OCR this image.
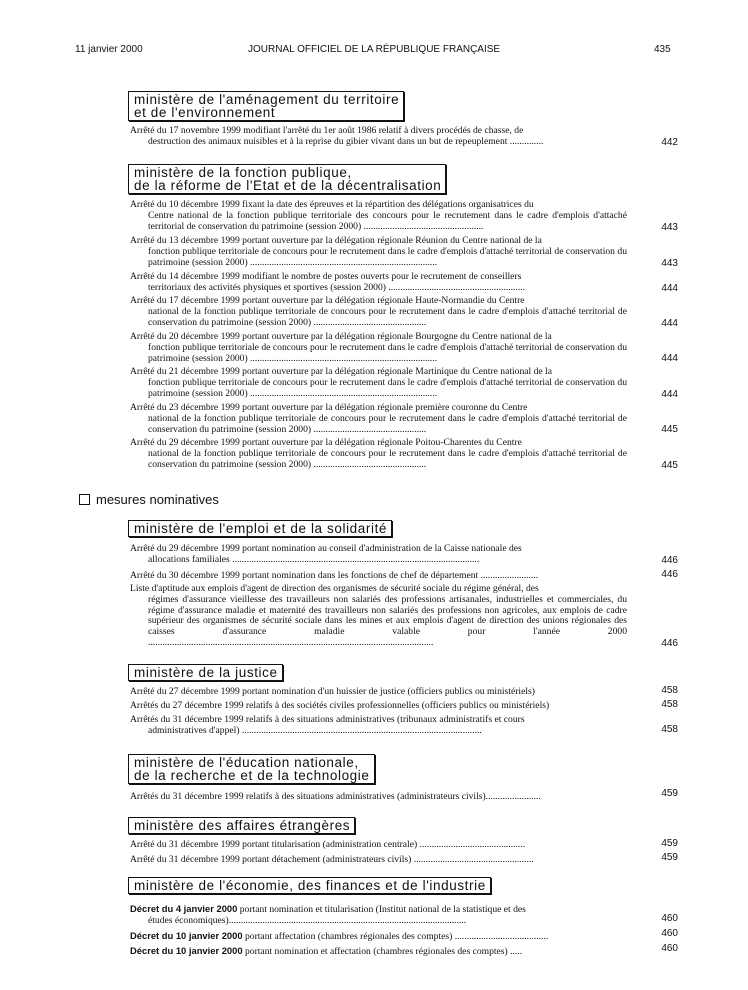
11 janvier 2000	JOURNAL OFFICIEL DE LA RÉPUBLIQUE FRANÇAISE	435
ministère de l'aménagement du territoire
et de l'environnement
ministère de la fonction publique,
de la réforme de l'Etat et de la décentralisation
ministère de l'emploi et de la solidarité
ministère de la justice
ministère de l'éducation nationale,
de la recherche et de la technologie
ministère des affaires étrangères
ministère de l'économie, des finances et de l'industrie
mesures nominatives
Arrêté du 17 novembre 1999 modifiant l'arrêté du 1er août 1986 relatif à divers procédés de chasse, de
destruction des animaux nuisibles et à la reprise du gibier vivant dans un but de repeuplement ..............	442
Arrêté du 10 décembre 1999 fixant la date des épreuves et la répartition des délégations organisatrices du
Centre national de la fonction publique territoriale des concours pour le recrutement dans le cadre d'emplois d'attaché territorial de conservation du patrimoine (session 2000) ..................................................	443
Arrêté du 13 décembre 1999 portant ouverture par la délégation régionale Réunion du Centre national de la
fonction publique territoriale de concours pour le recrutement dans le cadre d'emplois d'attaché territorial de conservation du patrimoine (session 2000) ..............................................................................	443
Arrêté du 14 décembre 1999 modifiant le nombre de postes ouverts pour le recrutement de conseillers
territoriaux des activités physiques et sportives (session 2000) .........................................................	444
Arrêté du 17 décembre 1999 portant ouverture par la délégation régionale Haute-Normandie du Centre
national de la fonction publique territoriale de concours pour le recrutement dans le cadre d'emplois d'attaché territorial de conservation du patrimoine (session 2000) ...............................................	444
Arrêté du 20 décembre 1999 portant ouverture par la délégation régionale Bourgogne du Centre national de la
fonction publique territoriale de concours pour le recrutement dans le cadre d'emplois d'attaché territorial de conservation du patrimoine (session 2000) ..............................................................................	444
Arrêté du 21 décembre 1999 portant ouverture par la délégation régionale Martinique du Centre national de la
fonction publique territoriale de concours pour le recrutement dans le cadre d'emplois d'attaché territorial de conservation du patrimoine (session 2000) ..............................................................................	444
Arrêté du 23 décembre 1999 portant ouverture par la délégation régionale première couronne du Centre
national de la fonction publique territoriale de concours pour le recrutement dans le cadre d'emplois d'attaché territorial de conservation du patrimoine (session 2000) ...............................................	445
Arrêté du 29 décembre 1999 portant ouverture par la délégation régionale Poitou-Charentes du Centre
national de la fonction publique territoriale de concours pour le recrutement dans le cadre d'emplois d'attaché territorial de conservation du patrimoine (session 2000) ...............................................	445
Arrêté du 29 décembre 1999 portant nomination au conseil d'administration de la Caisse nationale des
allocations familiales .......................................................................................................	446
Arrêté du 30 décembre 1999 portant nomination dans les fonctions de chef de département ........................	446
Liste d'aptitude aux emplois d'agent de direction des organismes de sécurité sociale du régime général, des
régimes d'assurance vieillesse des travailleurs non salariés des professions artisanales, industrielles et commerciales, du régime d'assurance maladie et maternité des travailleurs non salariés des professions non agricoles, aux emplois de cadre supérieur des organismes de sécurité sociale dans les mines et aux emplois d'agent de direction des unions régionales des caisses d'assurance maladie valable pour l'année 2000 .......................................................................................................................	446
Arrêté du 27 décembre 1999 portant nomination d'un huissier de justice (officiers publics ou ministériels)	458
Arrêtés du 27 décembre 1999 relatifs à des sociétés civiles professionnelles (officiers publics ou ministériels)	458
Arrêtés du 31 décembre 1999 relatifs à des situations administratives (tribunaux administratifs et cours
administratives d'appel) ....................................................................................................	458
Arrêtés du 31 décembre 1999 relatifs à des situations administratives (administrateurs civils).......................	459
Arrêté du 31 décembre 1999 portant titularisation (administration centrale) ............................................	459
Arrêté du 31 décembre 1999 portant détachement (administrateurs civils) ..................................................	459
Décret du 4 janvier 2000 portant nomination et titularisation (Institut national de la statistique et des
études économiques)...................................................................................................	460
Décret du 10 janvier 2000 portant affectation (chambres régionales des comptes) .......................................	460
Décret du 10 janvier 2000 portant nomination et affectation (chambres régionales des comptes) .....	460
